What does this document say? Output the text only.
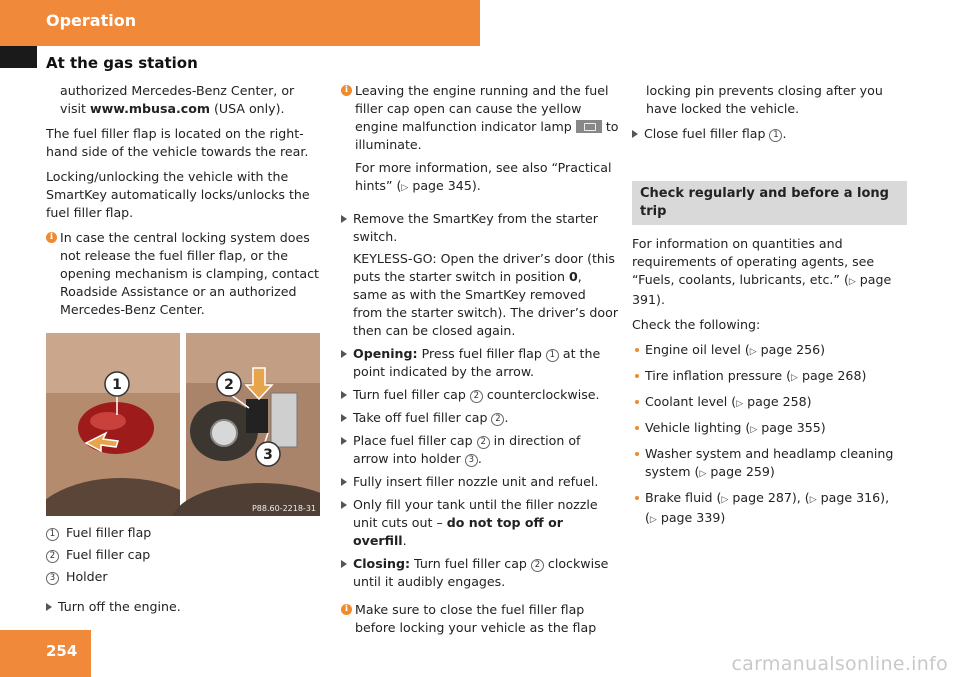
Operation
At the gas station

authorized Mercedes-Benz Center, or visit www.mbusa.com (USA only).

The fuel filler flap is located on the right-hand side of the vehicle towards the rear.

Locking/unlocking the vehicle with the SmartKey automatically locks/unlocks the fuel filler flap.

i In case the central locking system does not release the fuel filler flap, or the opening mechanism is clamping, contact Roadside Assistance or an authorized Mercedes-Benz Center.
1	2
3
P88.60-2218-31
1 Fuel filler flap
2 Fuel filler cap
3 Holder
Turn off the engine.
i Leaving the engine running and the fuel filler cap open can cause the yellow engine malfunction indicator lamp  to illuminate.
For more information, see also “Practical hints” (▷ page 345).
Remove the SmartKey from the starter switch.
KEYLESS-GO: Open the driver’s door (this puts the starter switch in position 0, same as with the SmartKey removed from the starter switch). The driver’s door then can be closed again.
Opening: Press fuel filler flap 1 at the point indicated by the arrow.
Turn fuel filler cap 2 counterclockwise.
Take off fuel filler cap 2 .
Place fuel filler cap 2 in direction of arrow into holder 3 .
Fully insert filler nozzle unit and refuel.
Only fill your tank until the filler nozzle unit cuts out – do not top off or overfill.
Closing: Turn fuel filler cap 2 clockwise until it audibly engages.
i Make sure to close the fuel filler flap before locking your vehicle as the flap

locking pin prevents closing after you have locked the vehicle.

Close fuel filler flap 1 .
Check regularly and before a long trip

For information on quantities and requirements of operating agents, see “Fuels, coolants, lubricants, etc.” (▷ page 391).

Check the following:

Engine oil level (▷ page 256)
Tire inflation pressure (▷ page 268)
Coolant level (▷ page 258)
Vehicle lighting (▷ page 355)
Washer system and headlamp cleaning system (▷ page 259)
Brake fluid (▷ page 287), (▷ page 316),
(▷ page 339)
254
carmanualsonline.info
